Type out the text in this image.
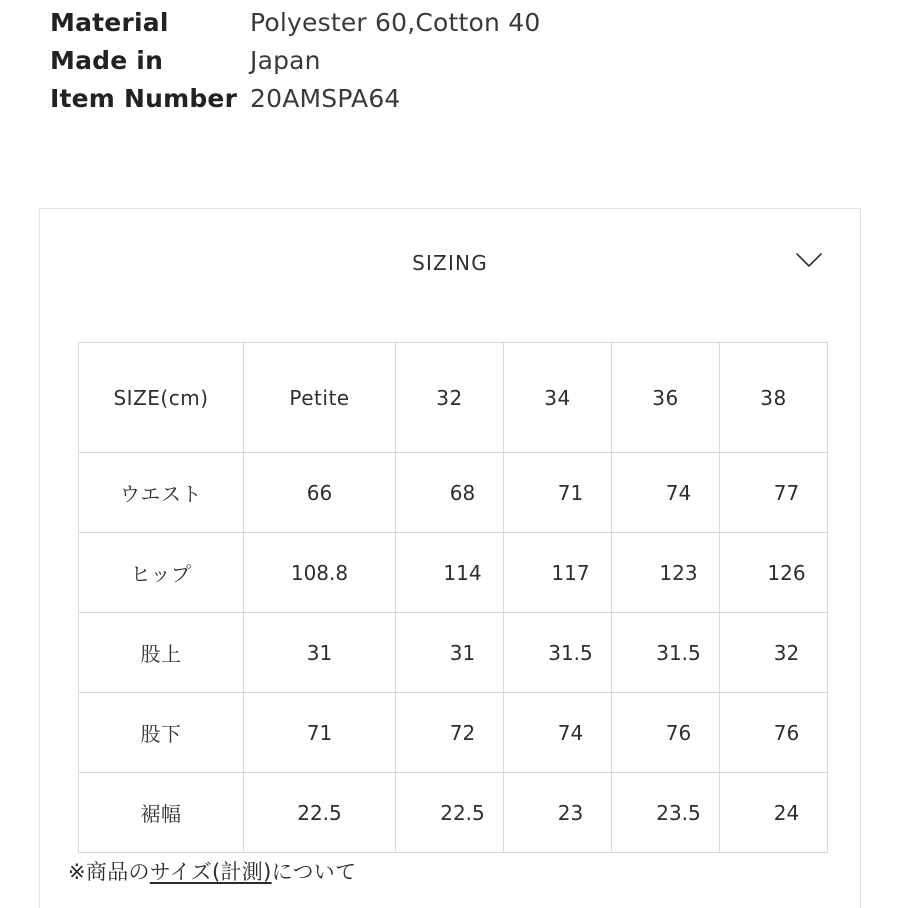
Material	Polyester 60,Cotton 40
Made in	Japan
Item Number 20AMSPA64
SIZING
SIZE(cm)	Petite	32	34	36	38
ウエスト	66	68	71	74	77
ヒップ	108.8	114	117	123	126
股上	31	31	31.5	31.5	32
股下	71	72	74	76	76
裾幅	22.5	22.5	23	23.5	24
※商品のサイズ(計測)について
